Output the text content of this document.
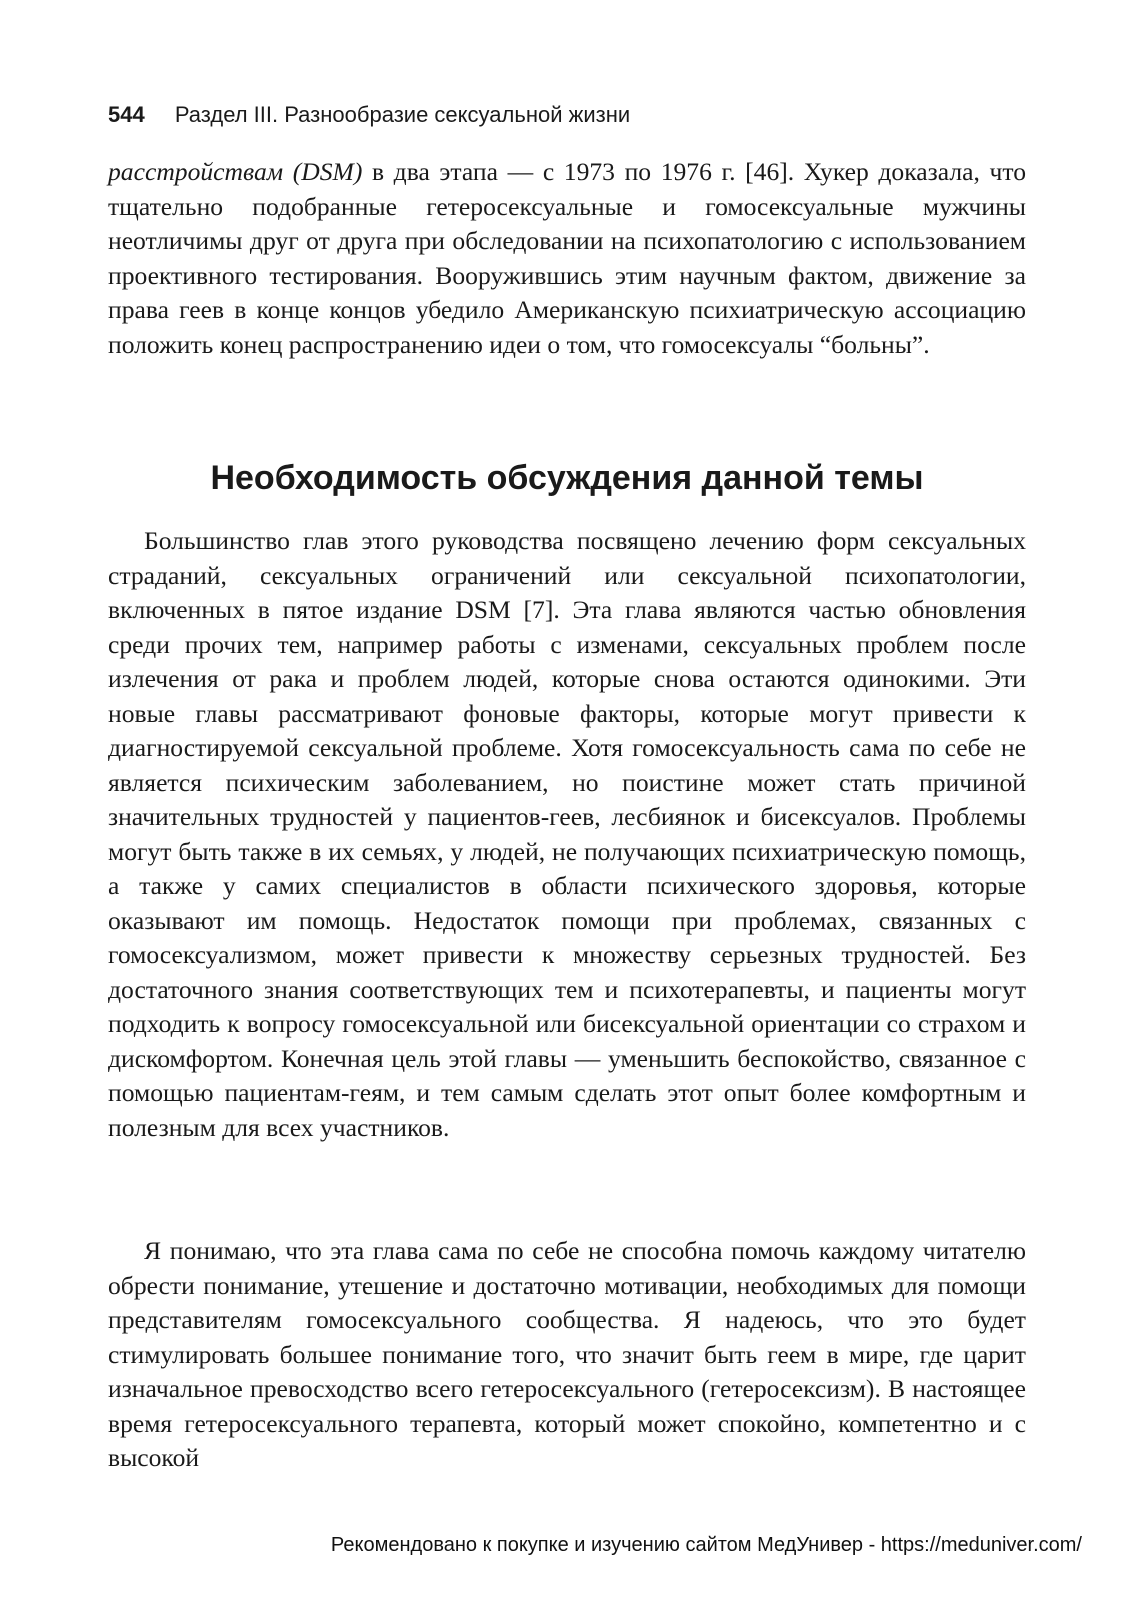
544 Раздел III. Разнообразие сексуальной жизни

расстройствам (DSM) в два этапа — с 1973 по 1976 г. [46]. Хукер доказала, что тщательно подобранные гетеросексуальные и гомосексуальные мужчины неотличимы друг от друга при обследовании на психопатологию с использованием проективного тестирования. Вооружившись этим научным фактом, движение за права геев в конце концов убедило Американскую психиатрическую ассоциацию положить конец распространению идеи о том, что гомосексуалы “больны”.

Необходимость обсуждения данной темы

Большинство глав этого руководства посвящено лечению форм сексуальных страданий, сексуальных ограничений или сексуальной психопатологии, включенных в пятое издание DSM [7]. Эта глава являются частью обновления среди прочих тем, например работы с изменами, сексуальных проблем после излечения от рака и проблем людей, которые снова остаются одинокими. Эти новые главы рассматривают фоновые факторы, которые могут привести к диагностируемой сексуальной проблеме. Хотя гомосексуальность сама по себе не является психическим заболеванием, но поистине может стать причиной значительных трудностей у пациентов-геев, лесбиянок и бисексуалов. Проблемы могут быть также в их семьях, у людей, не получающих психиатрическую помощь, а также у самих специалистов в области психического здоровья, которые оказывают им помощь. Недостаток помощи при проблемах, связанных с гомосексуализмом, может привести к множеству серьезных трудностей. Без достаточного знания соответствующих тем и психотерапевты, и пациенты могут подходить к вопросу гомосексуальной или бисексуальной ориентации со страхом и дискомфортом. Конечная цель этой главы — уменьшить беспокойство, связанное с помощью пациентам-геям, и тем самым сделать этот опыт более комфортным и полезным для всех участников.

Я понимаю, что эта глава сама по себе не способна помочь каждому читателю обрести понимание, утешение и достаточно мотивации, необходимых для помощи представителям гомосексуального сообщества. Я надеюсь, что это будет стимулировать большее понимание того, что значит быть геем в мире, где царит изначальное превосходство всего гетеросексуального (гетеросексизм). В настоящее время гетеросексуального терапевта, который может спокойно, компетентно и с высокой

Рекомендовано к покупке и изучению сайтом МедУнивер - https://meduniver.com/
